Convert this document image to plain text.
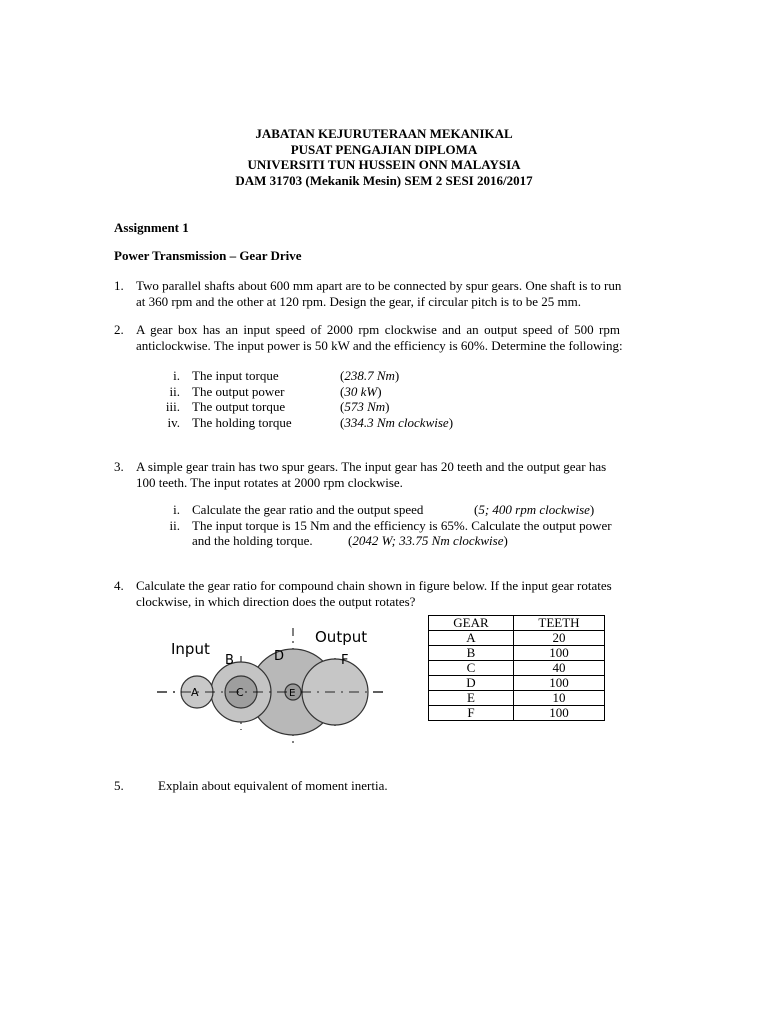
JABATAN KEJURUTERAAN MEKANIKAL
PUSAT PENGAJIAN DIPLOMA
UNIVERSITI TUN HUSSEIN ONN MALAYSIA
DAM 31703 (Mekanik Mesin) SEM 2 SESI 2016/2017
Assignment 1
Power Transmission – Gear Drive
1. Two parallel shafts about 600 mm apart are to be connected by spur gears. One shaft is to run
at 360 rpm and the other at 120 rpm. Design the gear, if circular pitch is to be 25 mm.
2. A gear box has an input speed of 2000 rpm clockwise and an output speed of 500 rpm
anticlockwise. The input power is 50 kW and the efficiency is 60%. Determine the following:
i. The input torque	(238.7 Nm)
ii. The output power	(30 kW)
iii. The output torque	(573 Nm)
iv. The holding torque	(334.3 Nm clockwise)
3. A simple gear train has two spur gears. The input gear has 20 teeth and the output gear has
100 teeth. The input rotates at 2000 rpm clockwise.
i. Calculate the gear ratio and the output speed	(5; 400 rpm clockwise)
ii. The input torque is 15 Nm and the efficiency is 65%. Calculate the output power
and the holding torque.	(2042 W; 33.75 Nm clockwise)
4. Calculate the gear ratio for compound chain shown in figure below. If the input gear rotates
clockwise, in which direction does the output rotates?
Input
Output
A
B
C
D
E
F
GEAR	TEETH
A	20
B	100
C	40
D	100
E	10
F	100
5.	Explain about equivalent of moment inertia.
